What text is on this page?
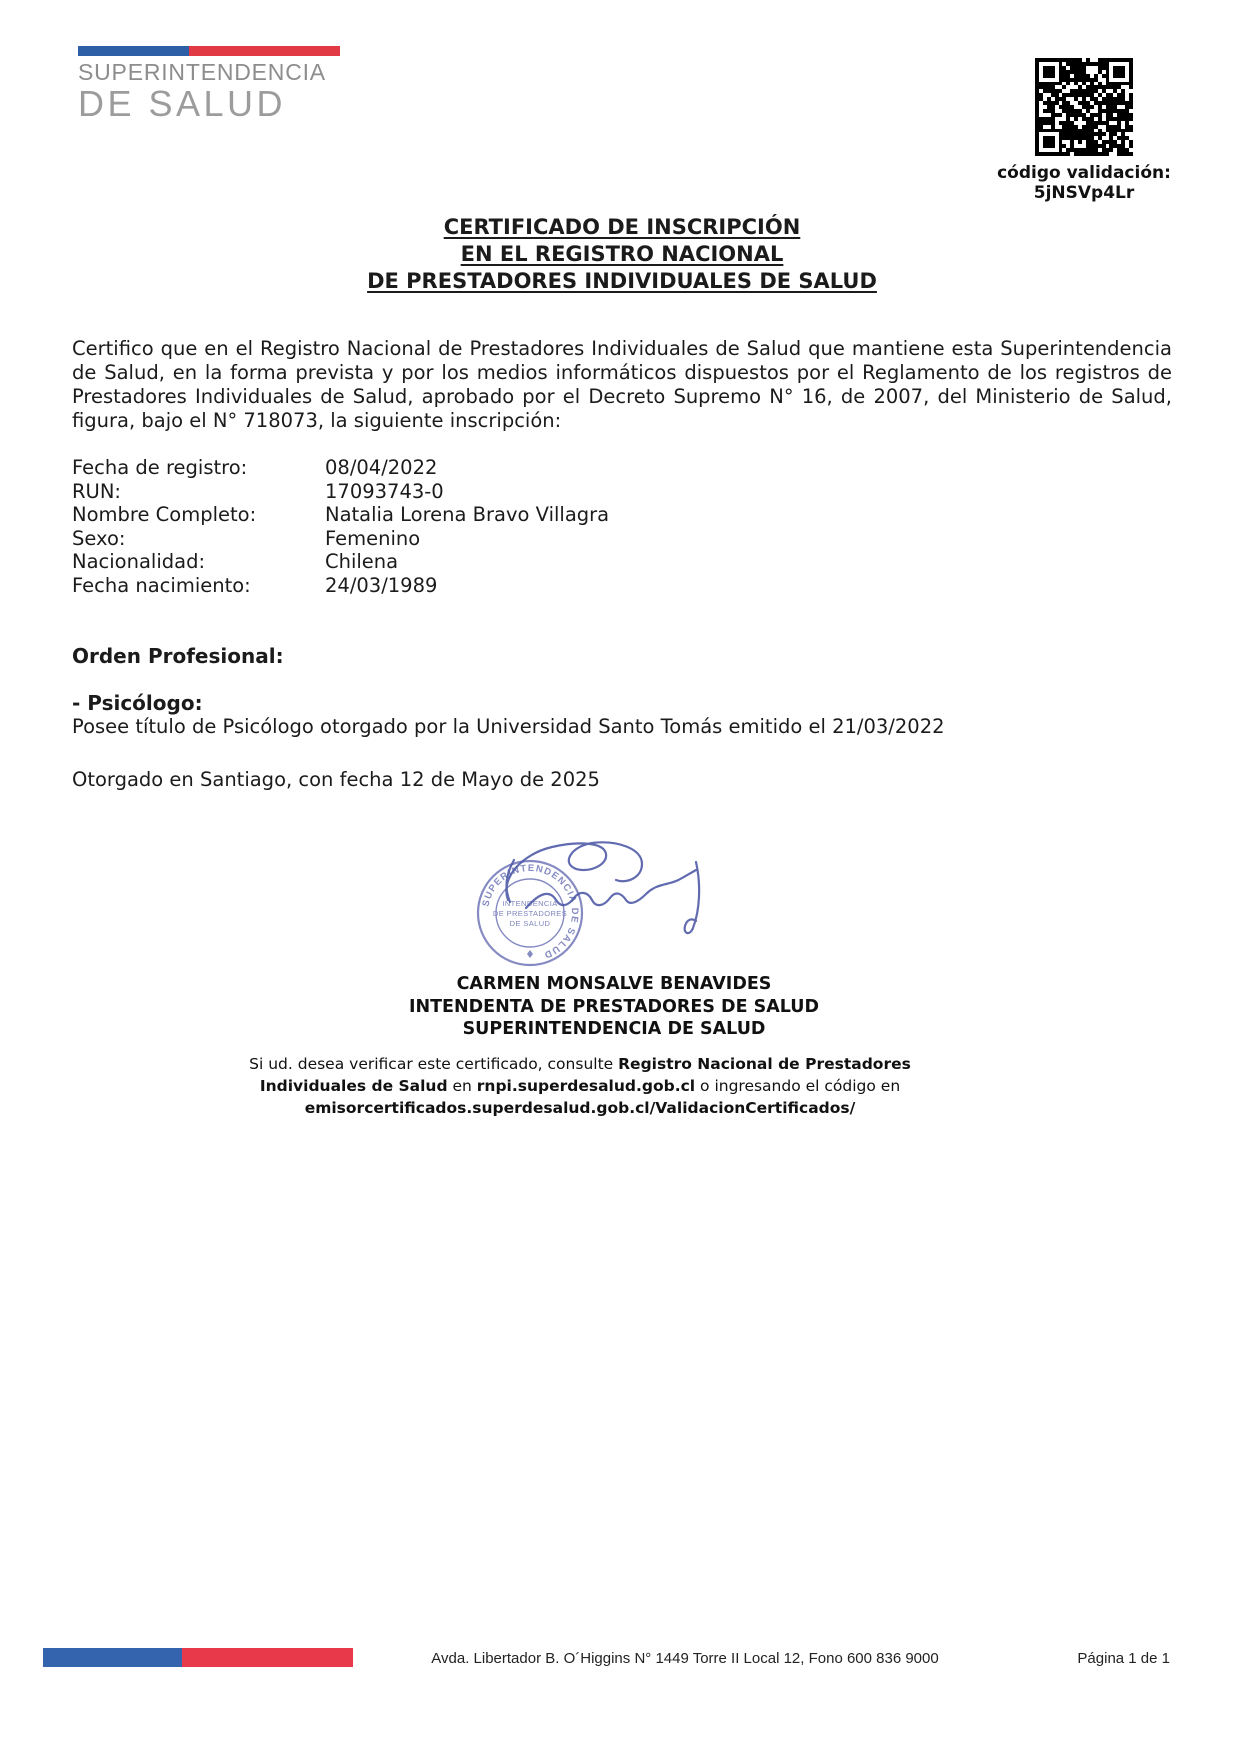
SUPERINTENDENCIA
DE SALUD
código validación:
5jNSVp4Lr
CERTIFICADO DE INSCRIPCIÓN
EN EL REGISTRO NACIONAL
DE PRESTADORES INDIVIDUALES DE SALUD
Certifico que en el Registro Nacional de Prestadores Individuales de Salud que mantiene esta Superintendencia de Salud, en la forma prevista y por los medios informáticos dispuestos por el Reglamento de los registros de Prestadores Individuales de Salud, aprobado por el Decreto Supremo N° 16, de 2007, del Ministerio de Salud, figura, bajo el N° 718073, la siguiente inscripción:
Fecha de registro:	08/04/2022
RUN:	17093743-0
Nombre Completo:	Natalia Lorena Bravo Villagra
Sexo:	Femenino
Nacionalidad:	Chilena
Fecha nacimiento:	24/03/1989
Orden Profesional:
- Psicólogo:
Posee título de Psicólogo otorgado por la Universidad Santo Tomás emitido el 21/03/2022
Otorgado en Santiago, con fecha 12 de Mayo de 2025
SUPERINTENDENCIA DE SALUD
INTENDENCIA
DE PRESTADORES
DE SALUD
CARMEN MONSALVE BENAVIDES
INTENDENTA DE PRESTADORES DE SALUD
SUPERINTENDENCIA DE SALUD
Si ud. desea verificar este certificado, consulte Registro Nacional de Prestadores
Individuales de Salud en rnpi.superdesalud.gob.cl o ingresando el código en
emisorcertificados.superdesalud.gob.cl/ValidacionCertificados/
Avda. Libertador B. O´Higgins N° 1449 Torre II Local 12, Fono 600 836 9000	Página 1 de 1
